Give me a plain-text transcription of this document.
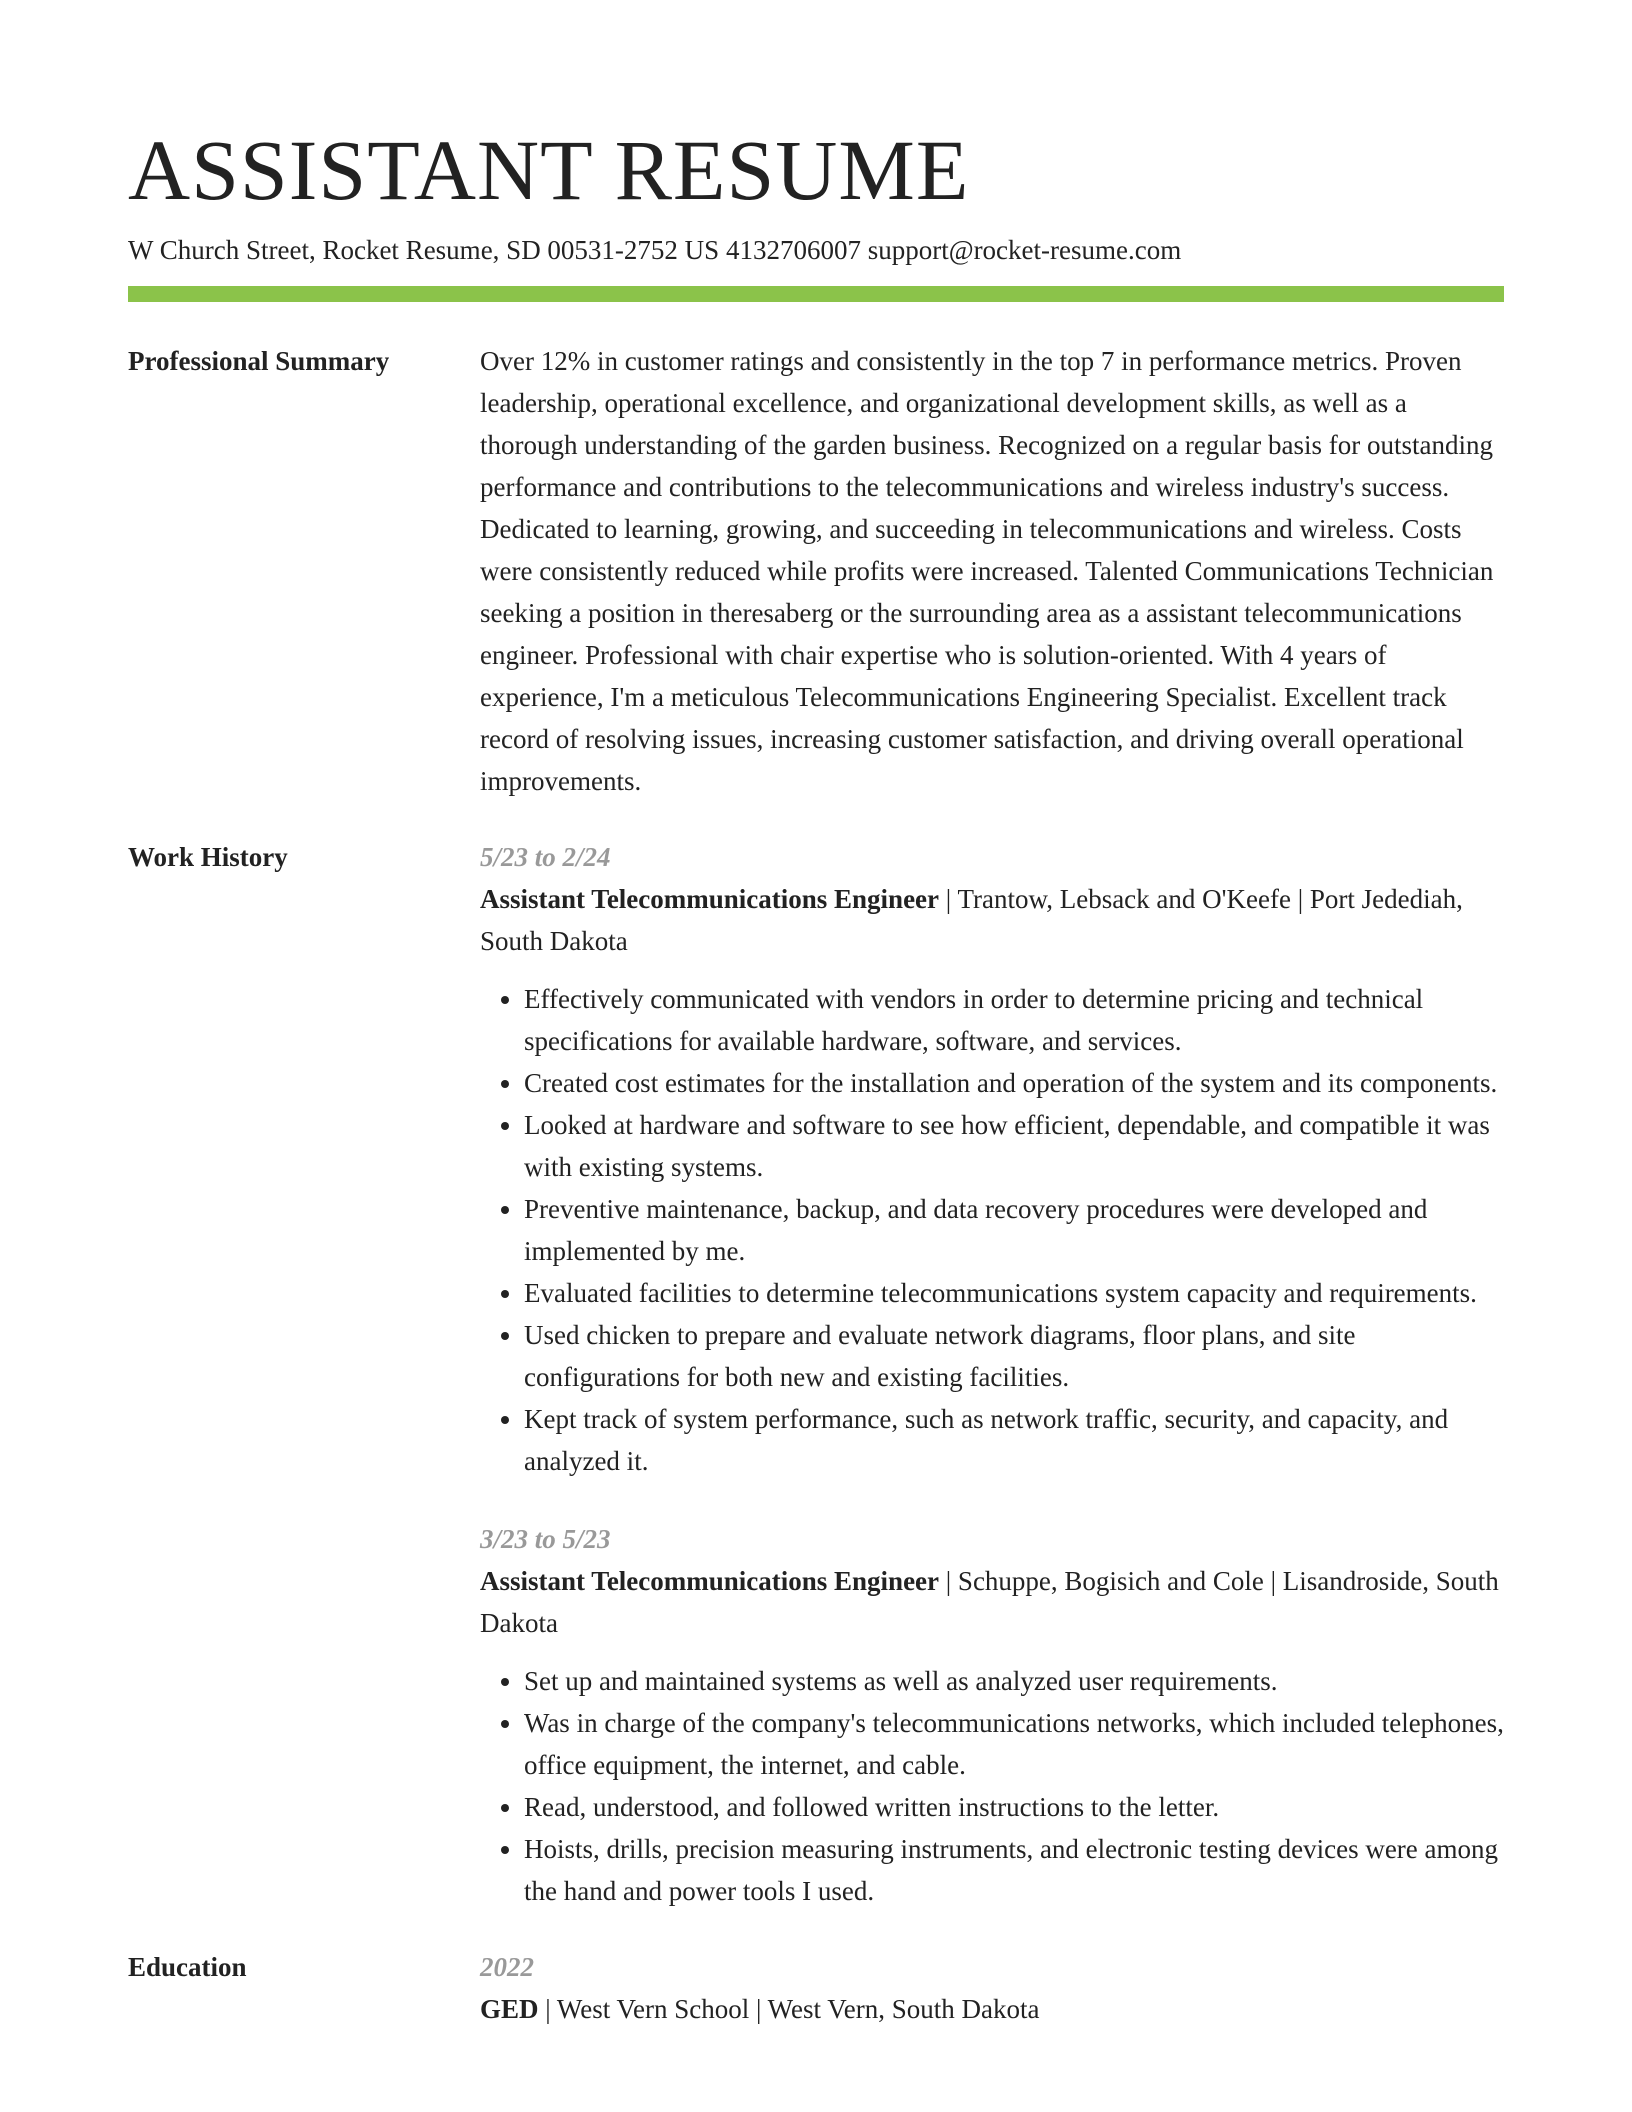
ASSISTANT RESUME
W Church Street, Rocket Resume, SD 00531-2752 US 4132706007 support@rocket-resume.com
Professional Summary	Over 12% in customer ratings and consistently in the top 7 in performance metrics. Proven leadership, operational excellence, and organizational development skills, as well as a thorough understanding of the garden business. Recognized on a regular basis for outstanding performance and contributions to the telecommunications and wireless industry's success. Dedicated to learning, growing, and succeeding in telecommunications and wireless. Costs were consistently reduced while profits were increased. Talented Communications Technician seeking a position in theresaberg or the surrounding area as a assistant telecommunications engineer. Professional with chair expertise who is solution-oriented. With 4 years of experience, I'm a meticulous Telecommunications Engineering Specialist. Excellent track record of resolving issues, increasing customer satisfaction, and driving overall operational improvements.

Work History	5/23 to 2/24
Assistant Telecommunications Engineer | Trantow, Lebsack and O'Keefe | Port Jedediah, South Dakota
• Effectively communicated with vendors in order to determine pricing and technical specifications for available hardware, software, and services.
• Created cost estimates for the installation and operation of the system and its components.
• Looked at hardware and software to see how efficient, dependable, and compatible it was with existing systems.
• Preventive maintenance, backup, and data recovery procedures were developed and implemented by me.
• Evaluated facilities to determine telecommunications system capacity and requirements.
• Used chicken to prepare and evaluate network diagrams, floor plans, and site configurations for both new and existing facilities.
• Kept track of system performance, such as network traffic, security, and capacity, and analyzed it.
3/23 to 5/23
Assistant Telecommunications Engineer | Schuppe, Bogisich and Cole | Lisandroside, South Dakota
• Set up and maintained systems as well as analyzed user requirements.
• Was in charge of the company's telecommunications networks, which included telephones, office equipment, the internet, and cable.
• Read, understood, and followed written instructions to the letter.
• Hoists, drills, precision measuring instruments, and electronic testing devices were among the hand and power tools I used.
Education	2022
GED | West Vern School | West Vern, South Dakota
